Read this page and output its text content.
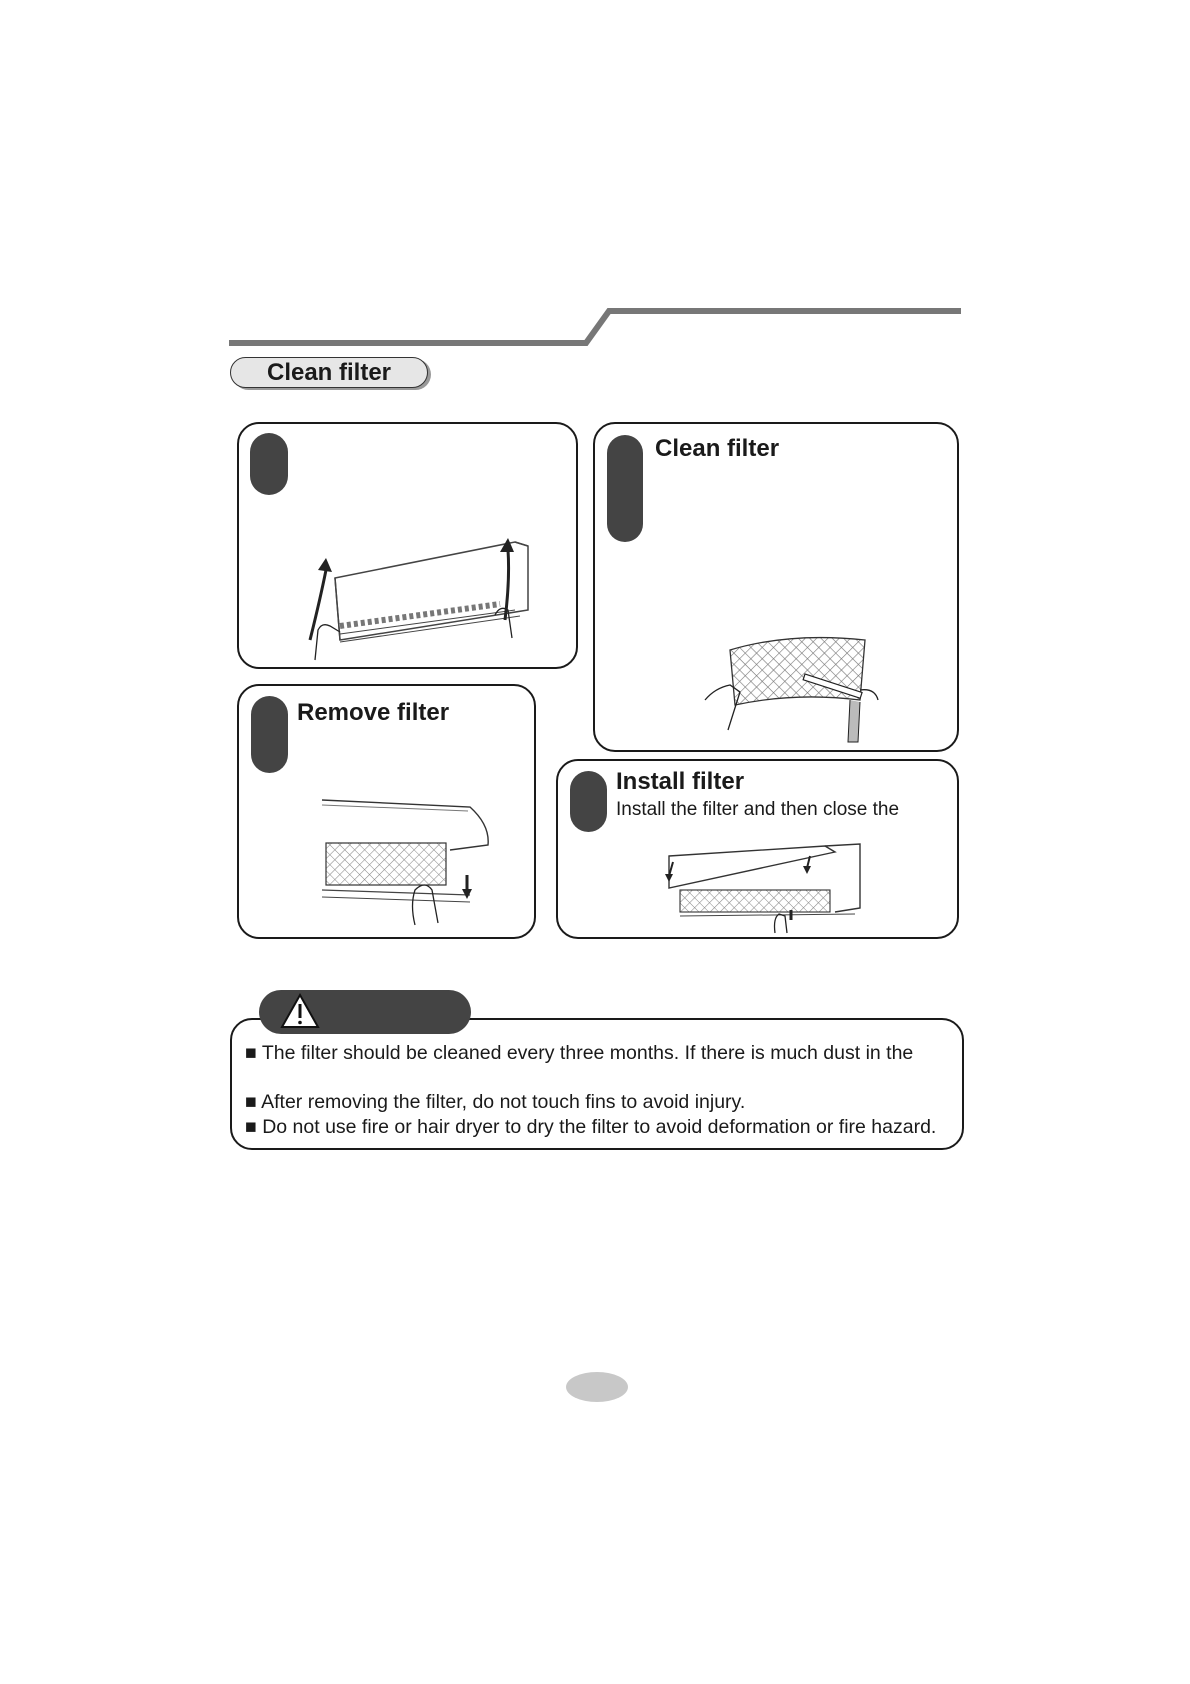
Clean filter
Clean filter
Remove filter
Install filter
Install the filter and then close the
■ The filter should be cleaned every three months. If there is much dust in the
■ After removing the filter, do not touch fins to avoid injury.
■ Do not use fire or hair dryer to dry the filter to avoid deformation or fire hazard.
